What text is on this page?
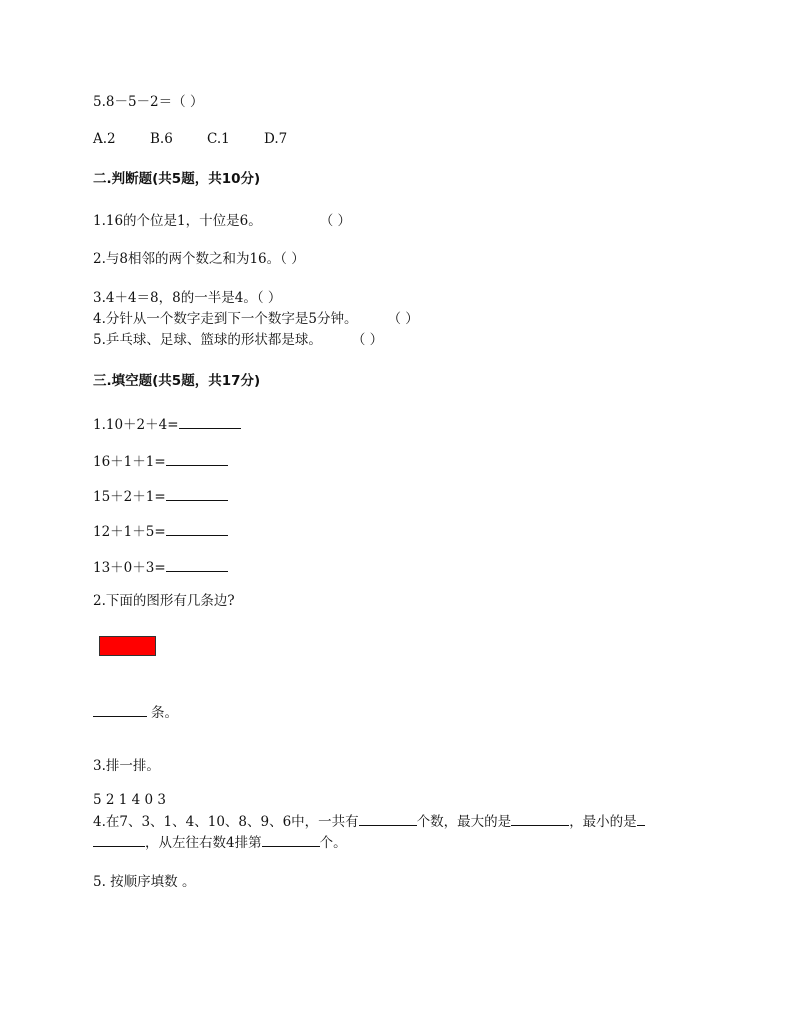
5.8－5－2＝（ ）
A.2	B.6	C.1	D.7
二.判断题(共5题，共10分)
1.16的个位是1，十位是6。	（ ）
2.与8相邻的两个数之和为16。（ ）
3.4＋4＝8，8的一半是4。（ ）
4.分针从一个数字走到下一个数字是5分钟。 （ ）
5.乒乓球、足球、篮球的形状都是球。 （ ）
三.填空题(共5题，共17分)
1.10＋2＋4=
16＋1＋1=
15＋2＋1=
12＋1＋5=
13＋0＋3=
2.下面的图形有几条边?
条。
3.排一排。
5 2 1 4 0 3
4.在7、3、1、4、10、8、9、6中，一共有	个数，最大的是	，最小的是
，从左往右数4排第	个。
5. 按顺序填数 。
